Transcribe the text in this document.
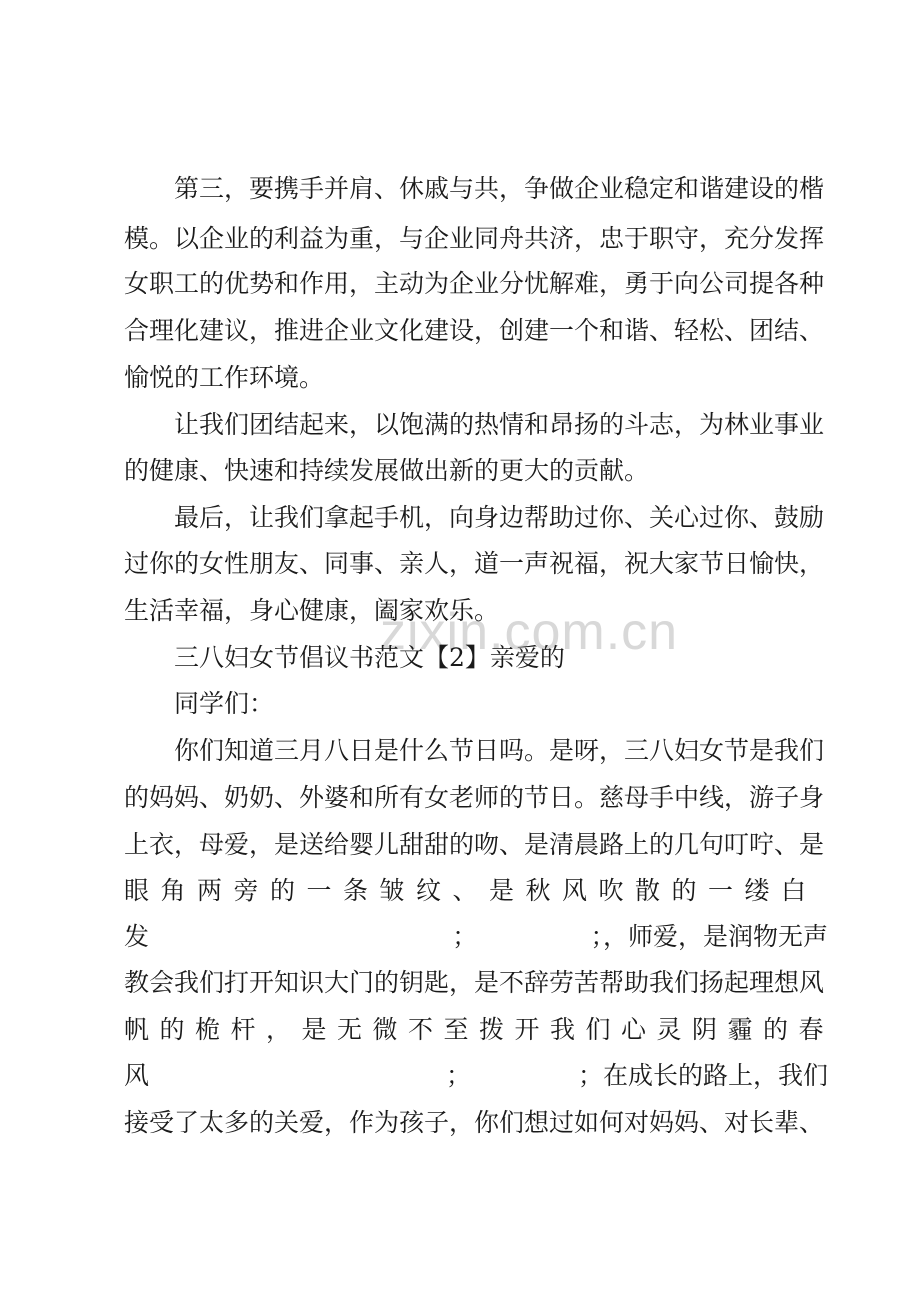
zixin.com.cn
第三，要携手并肩、休戚与共，争做企业稳定和谐建设的楷
模。以企业的利益为重，与企业同舟共济，忠于职守，充分发挥
女职工的优势和作用，主动为企业分忧解难，勇于向公司提各种
合理化建议，推进企业文化建设，创建一个和谐、轻松、团结、
愉悦的工作环境。
让我们团结起来，以饱满的热情和昂扬的斗志，为林业事业
的健康、快速和持续发展做出新的更大的贡献。
最后，让我们拿起手机，向身边帮助过你、关心过你、鼓励
过你的女性朋友、同事、亲人，道一声祝福，祝大家节日愉快，
生活幸福，身心健康，阖家欢乐。
三八妇女节倡议书范文【2】亲爱的
同学们：
你们知道三月八日是什么节日吗。是呀，三八妇女节是我们
的妈妈、奶奶、外婆和所有女老师的节日。慈母手中线，游子身
上衣，母爱，是送给婴儿甜甜的吻、是清晨路上的几句叮咛、是
眼角两旁的一条皱纹、是秋风吹散的一缕白
发	；	；，师爱，是润物无声
教会我们打开知识大门的钥匙，是不辞劳苦帮助我们扬起理想风
帆的桅杆，是无微不至拨开我们心灵阴霾的春
风	；	；在成长的路上，我们
接受了太多的关爱，作为孩子，你们想过如何对妈妈、对长辈、
